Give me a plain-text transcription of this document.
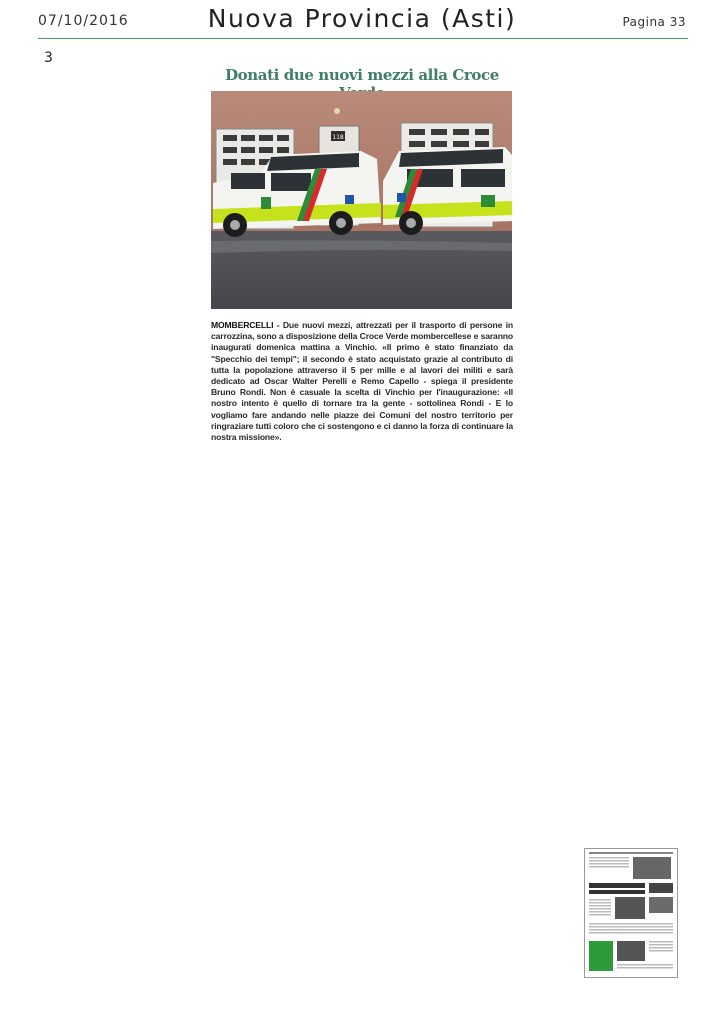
07/10/2016	Nuova Provincia (Asti)	Pagina 33
3
Donati due nuovi mezzi alla Croce
118
MOMBERCELLI - Due nuovi mezzi, attrezzati per il trasporto di persone in carrozzina, sono a disposizione della Croce Verde mombercellese e saranno inaugurati domenica mattina a Vinchio. «Il primo è stato finanziato da "Specchio dei tempi"; il secondo è stato acquistato grazie al contributo di tutta la popolazione attraverso il 5 per mille e al lavori dei militi e sarà dedicato ad Oscar Walter Perelli e Remo Capello - spiega il presidente Bruno Rondi. Non è casuale la scelta di Vinchio per l'inaugurazione: «Il nostro intento è quello di tornare tra la gente - sottolinea Rondi - E lo vogliamo fare andando nelle piazze dei Comuni del nostro territorio per ringraziare tutti coloro che ci sostengono e ci danno la forza di continuare la nostra missione».
